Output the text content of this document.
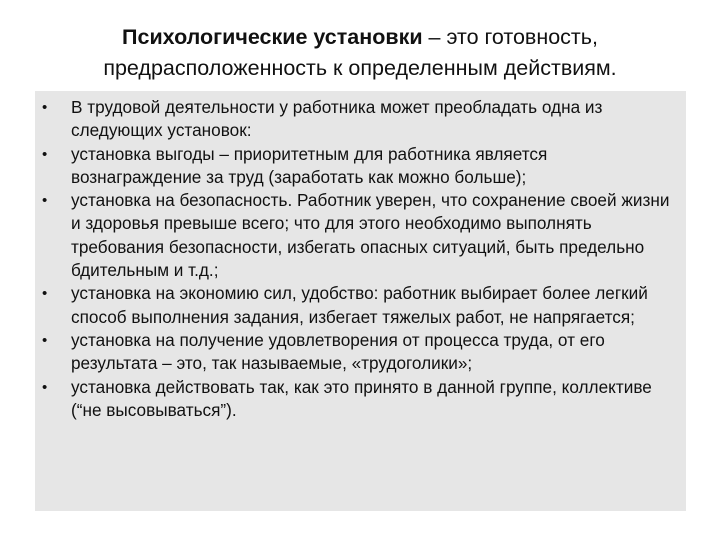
Психологические установки – это готовность, предрасположенность к определенным действиям.
•	В трудовой деятельности у работника может преобладать одна из следующих установок:
•	установка выгоды – приоритетным для работника является вознаграждение за труд (заработать как можно больше);
•	установка на безопасность. Работник уверен, что сохранение своей жизни и здоровья превыше всего; что для этого необходимо выполнять требования безопасности, избегать опасных ситуаций, быть предельно бдительным и т.д.;
•	установка на экономию сил, удобство: работник выбирает более легкий способ выполнения задания, избегает тяжелых работ, не напрягается;
•	установка на получение удовлетворения от процесса труда, от его результата – это, так называемые, «трудоголики»;
•	установка действовать так, как это принято в данной группе, коллективе (“не высовываться”).
